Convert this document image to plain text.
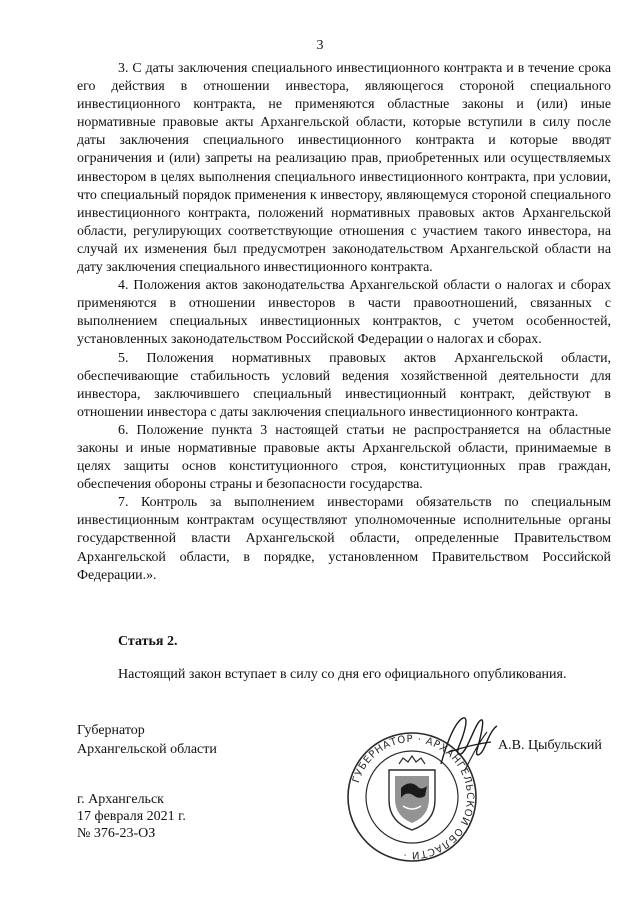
3

3. С даты заключения специального инвестиционного контракта и в течение срока его действия в отношении инвестора, являющегося стороной специального инвестиционного контракта, не применяются областные законы и (или) иные нормативные правовые акты Архангельской области, которые вступили в силу после даты заключения специального инвестиционного контракта и которые вводят ограничения и (или) запреты на реализацию прав, приобретенных или осуществляемых инвестором в целях выполнения специального инвестиционного контракта, при условии, что специальный порядок применения к инвестору, являющемуся стороной специального инвестиционного контракта, положений нормативных правовых актов Архангельской области, регулирующих соответствующие отношения с участием такого инвестора, на случай их изменения был предусмотрен законодательством Архангельской области на дату заключения специального инвестиционного контракта.

4. Положения актов законодательства Архангельской области о налогах и сборах применяются в отношении инвесторов в части правоотношений, связанных с выполнением специальных инвестиционных контрактов, с учетом особенностей, установленных законодательством Российской Федерации о налогах и сборах.

5. Положения нормативных правовых актов Архангельской области, обеспечивающие стабильность условий ведения хозяйственной деятельности для инвестора, заключившего специальный инвестиционный контракт, действуют в отношении инвестора с даты заключения специального инвестиционного контракта.

6. Положение пункта 3 настоящей статьи не распространяется на областные законы и иные нормативные правовые акты Архангельской области, принимаемые в целях защиты основ конституционного строя, конституционных прав граждан, обеспечения обороны страны и безопасности государства.

7. Контроль за выполнением инвесторами обязательств по специальным инвестиционным контрактам осуществляют уполномоченные исполнительные органы государственной власти Архангельской области, определенные Правительством Архангельской области, в порядке, установленном Правительством Российской Федерации.».

Статья 2.
Настоящий закон вступает в силу со дня его официального опубликования.
Губернатор
Архангельской области
ГУБЕРНАТОР · АРХАНГЕЛЬСКОЙ ОБЛАСТИ ·
А.В. Цыбульский
г. Архангельск
17 февраля 2021 г.
№ 376-23-ОЗ
